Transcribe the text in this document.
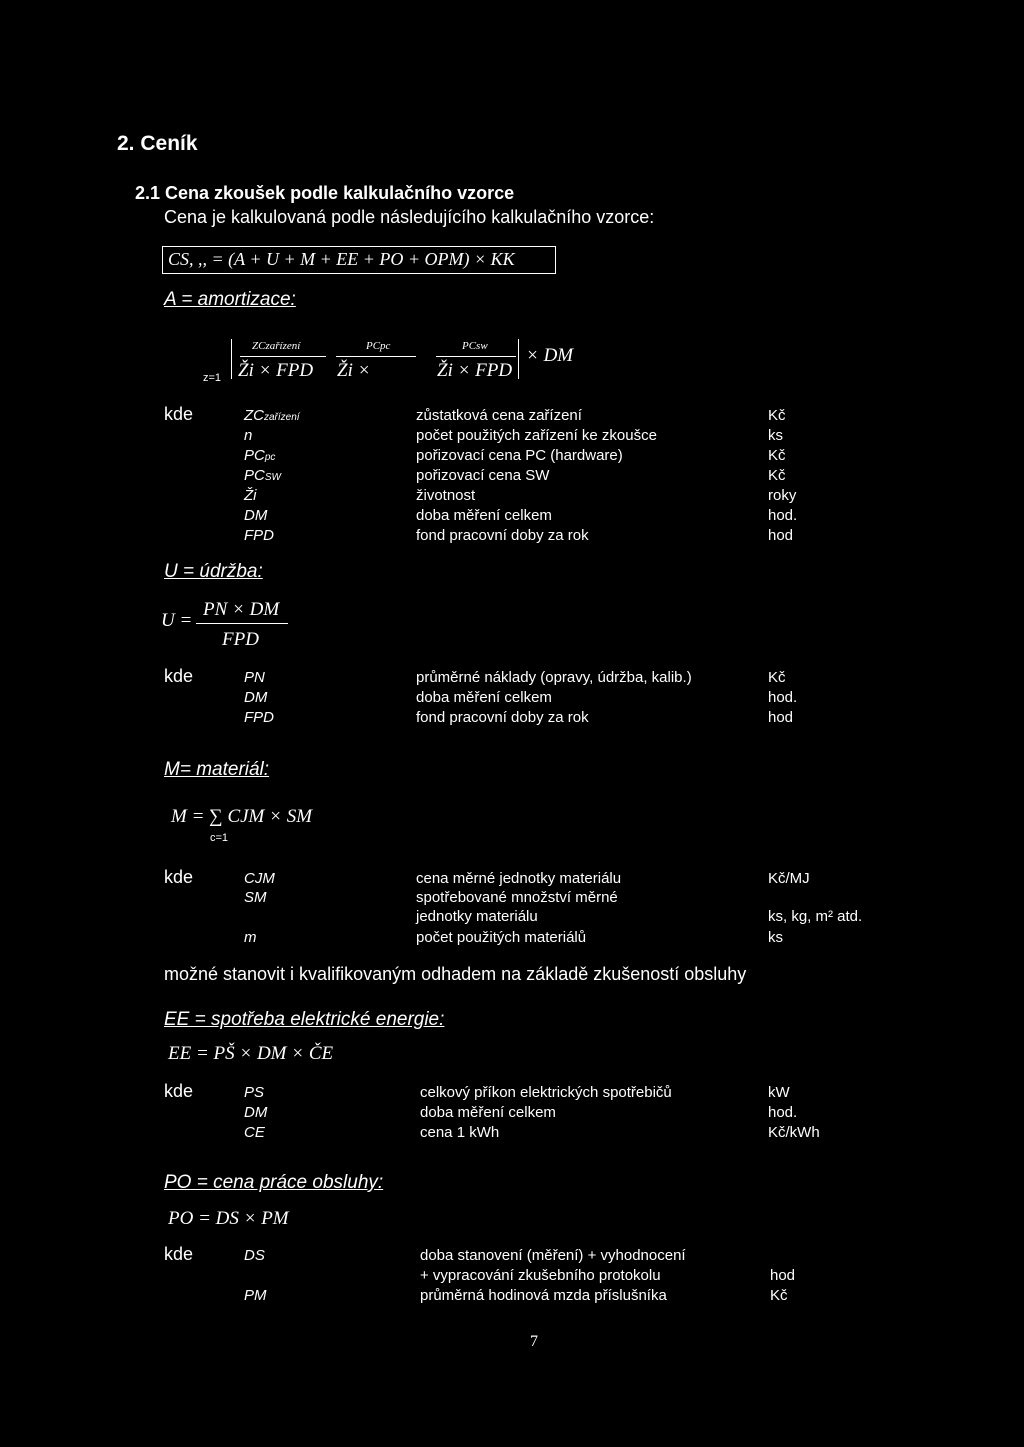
2. Ceník
2.1 Cena zkoušek podle kalkulačního vzorce
Cena je kalkulovaná podle následujícího kalkulačního vzorce:
CS, ,, = (A + U + M + EE + PO + OPM) × KK
A = amortizace:
z=1
ZCzařízení
Ži × FPD
PCpc
Ži ×
PCsw
Ži × FPD
× DM
kde	ZCzařízení	zůstatková cena zařízení	Kč
n	počet použitých zařízení ke zkoušce	ks
PCpc	pořizovací cena PC (hardware)	Kč
PCSW	pořizovací cena SW	Kč
Ži	životnost	roky
DM	doba měření celkem	hod.
FPD	fond pracovní doby za rok	hod
U = údržba:
U =
PN × DM
FPD
kde	PN	průměrné náklady (opravy, údržba, kalib.)	Kč
DM	doba měření celkem	hod.
FPD	fond pracovní doby za rok	hod
M= materiál:
M = ∑ CJM × SM
c=1
kde	CJM	cena měrné jednotky materiálu	Kč/MJ
SM	spotřebované množství měrné
jednotky materiálu	ks, kg, m² atd.
m	počet použitých materiálů	ks
možné stanovit i kvalifikovaným odhadem na základě zkušeností obsluhy
EE = spotřeba elektrické energie:
EE = PŠ × DM × ČE
kde	PS	celkový příkon elektrických spotřebičů	kW
DM	doba měření celkem	hod.
CE	cena 1 kWh	Kč/kWh
PO = cena práce obsluhy:
PO = DS × PM
kde	DS	doba stanovení (měření) + vyhodnocení
+ vypracování zkušebního protokolu	hod
PM	průměrná hodinová mzda příslušníka	Kč
7
